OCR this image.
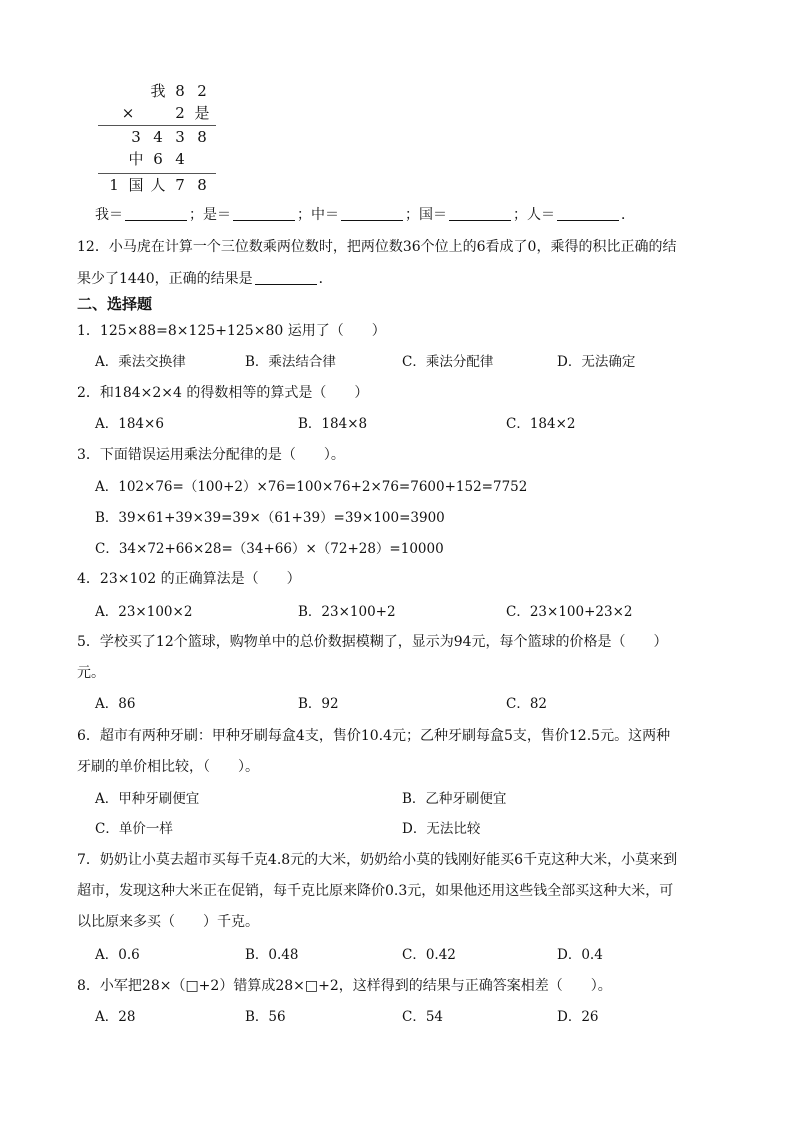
我 8 2
×	2 是
3 4 3 8
中 6 4
1 国 人 7 8
我＝	；是＝	；中＝	；国＝	；人＝	．
12．小马虎在计算一个三位数乘两位数时，把两位数36个位上的6看成了0，乘得的积比正确的结
果少了1440，正确的结果是	．
二、选择题
1．125×88=8×125+125×80 运用了（　　）
A．乘法交换律	B．乘法结合律	C．乘法分配律	D．无法确定
2．和184×2×4 的得数相等的算式是（　　）
A．184×6	B．184×8	C．184×2
3．下面错误运用乘法分配律的是（　　）。
A．102×76=（100+2）×76=100×76+2×76=7600+152=7752
B．39×61+39×39=39×（61+39）=39×100=3900
C．34×72+66×28=（34+66）×（72+28）=10000
4．23×102 的正确算法是（　　）
A．23×100×2	B．23×100+2	C．23×100+23×2
5．学校买了12个篮球，购物单中的总价数据模糊了，显示为94元，每个篮球的价格是（　　）
元。
A．86	B．92	C．82
6．超市有两种牙刷：甲种牙刷每盒4支，售价10.4元；乙种牙刷每盒5支，售价12.5元。这两种
牙刷的单价相比较，（　　）。
A．甲种牙刷便宜	B．乙种牙刷便宜
C．单价一样	D．无法比较
7．奶奶让小莫去超市买每千克4.8元的大米，奶奶给小莫的钱刚好能买6千克这种大米，小莫来到
超市，发现这种大米正在促销，每千克比原来降价0.3元，如果他还用这些钱全部买这种大米，可
以比原来多买（　　）千克。
A．0.6	B．0.48	C．0.42	D．0.4
8．小军把28×（□+2）错算成28×□+2，这样得到的结果与正确答案相差（　　）。
A．28	B．56	C．54	D．26
